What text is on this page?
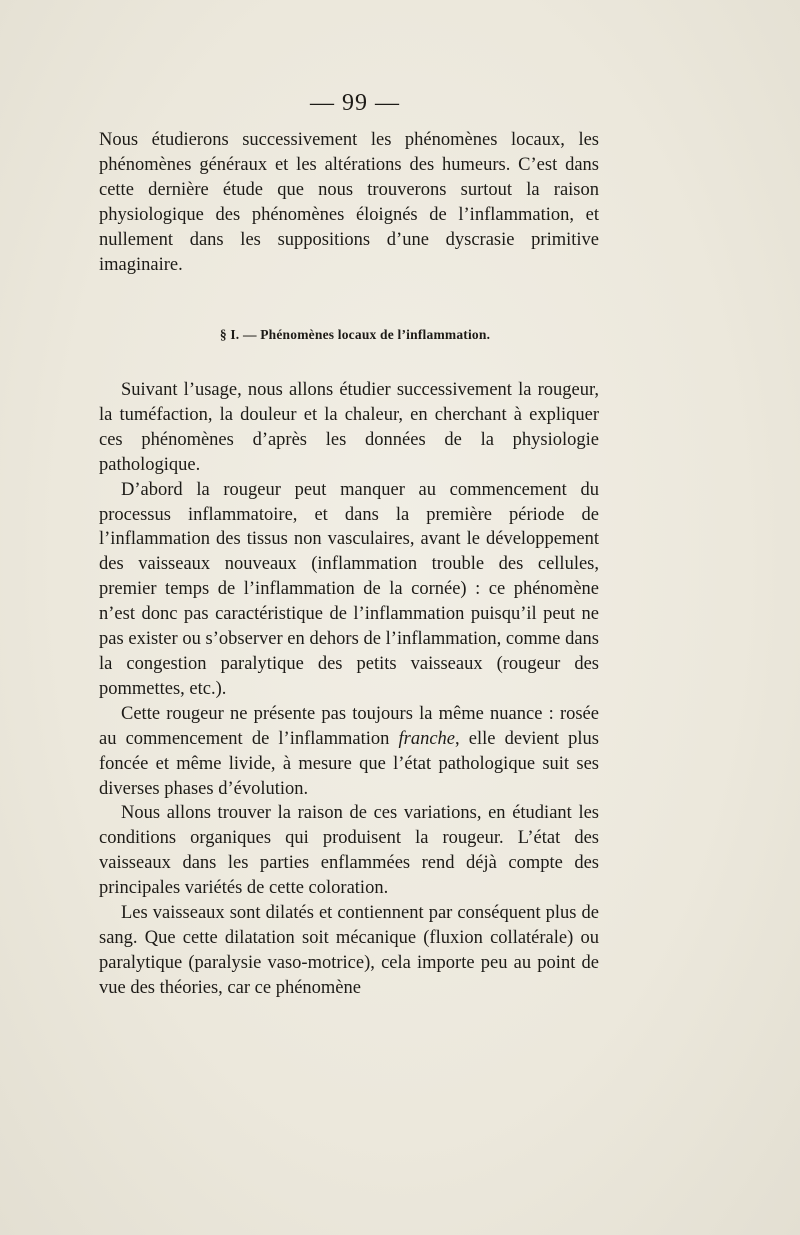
— 99 —

Nous étudierons successivement les phénomènes locaux, les phénomènes généraux et les altérations des humeurs. C’est dans cette dernière étude que nous trouverons surtout la raison physiologique des phénomènes éloignés de l’inflammation, et nullement dans les suppositions d’une dyscrasie primitive imaginaire.

§ I. — Phénomènes locaux de l’inflammation.

Suivant l’usage, nous allons étudier successivement la rougeur, la tuméfaction, la douleur et la chaleur, en cherchant à expliquer ces phénomènes d’après les données de la physiologie pathologique.

D’abord la rougeur peut manquer au commencement du processus inflammatoire, et dans la première période de l’inflammation des tissus non vasculaires, avant le développement des vaisseaux nouveaux (inflammation trouble des cellules, premier temps de l’inflammation de la cornée) : ce phénomène n’est donc pas caractéristique de l’inflammation puisqu’il peut ne pas exister ou s’observer en dehors de l’inflammation, comme dans la congestion paralytique des petits vaisseaux (rougeur des pommettes, etc.).

Cette rougeur ne présente pas toujours la même nuance : rosée au commencement de l’inflammation franche, elle devient plus foncée et même livide, à mesure que l’état pathologique suit ses diverses phases d’évolution.

Nous allons trouver la raison de ces variations, en étudiant les conditions organiques qui produisent la rougeur. L’état des vaisseaux dans les parties enflammées rend déjà compte des principales variétés de cette coloration.

Les vaisseaux sont dilatés et contiennent par conséquent plus de sang. Que cette dilatation soit mécanique (fluxion collatérale) ou paralytique (paralysie vaso-motrice), cela importe peu au point de vue des théories, car ce phénomène
